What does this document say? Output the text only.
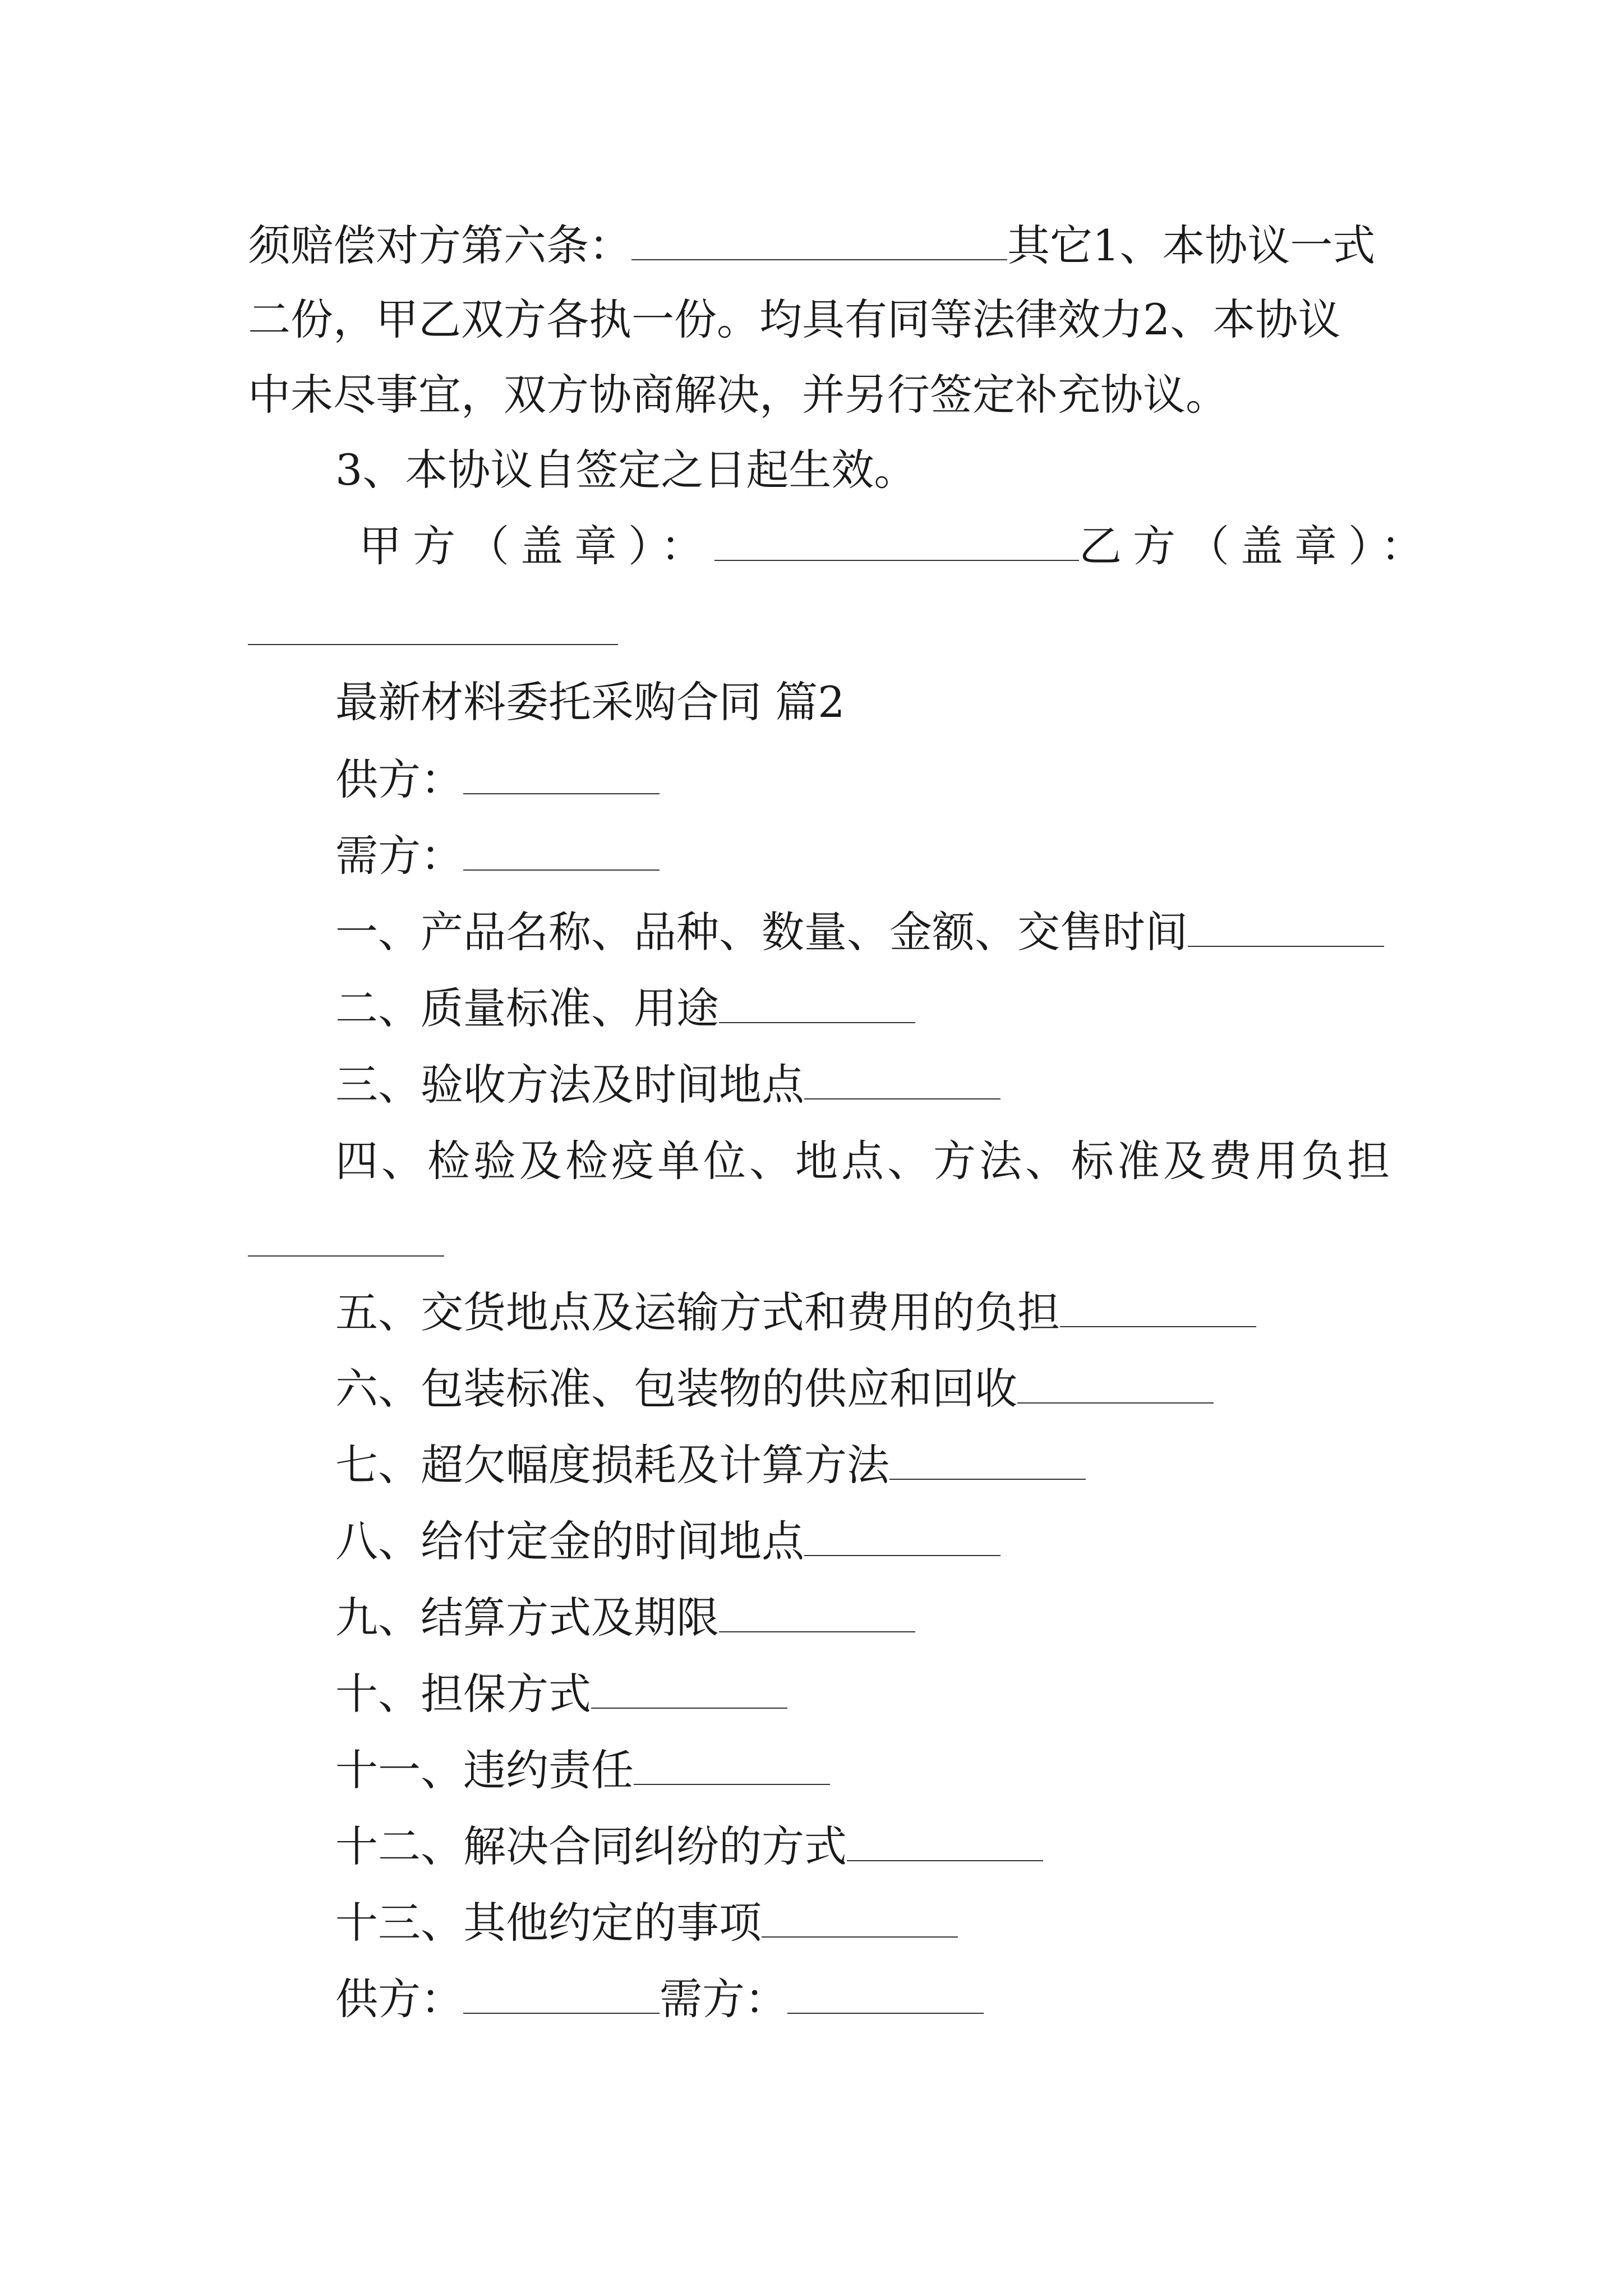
须赔偿对方第六条：	其它1、本协议一式
二份，甲乙双方各执一份。均具有同等法律效力2、本协议
中未尽事宜，双方协商解决，并另行签定补充协议。
3、本协议自签定之日起生效。
甲方（盖章）：	乙方（盖章）：
最新材料委托采购合同 篇2
供方：
需方：
一、产品名称、品种、数量、金额、交售时间
二、质量标准、用途
三、验收方法及时间地点
四、检验及检疫单位、地点、方法、标准及费用负担
五、交货地点及运输方式和费用的负担
六、包装标准、包装物的供应和回收
七、超欠幅度损耗及计算方法
八、给付定金的时间地点
九、结算方式及期限
十、担保方式
十一、违约责任
十二、解决合同纠纷的方式
十三、其他约定的事项
供方：	需方：
